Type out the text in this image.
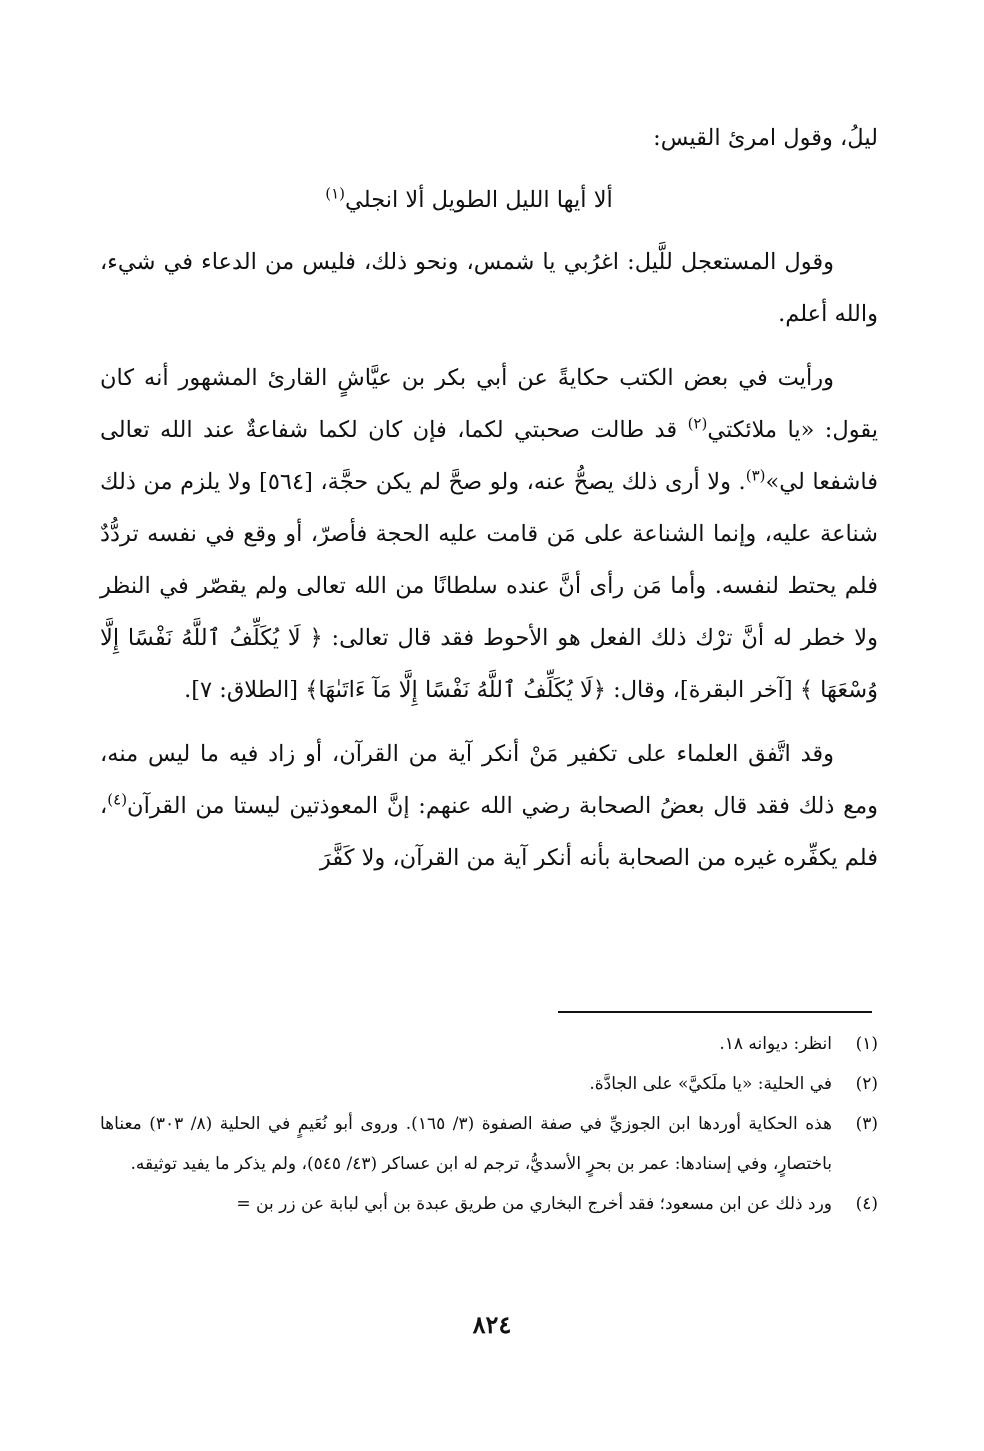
ليلُ، وقول امرئ القيس:

ألا أيها الليل الطويل ألا انجلي$^{(١)}$

وقول المستعجل للَّيل: اغرُبي يا شمس، ونحو ذلك، فليس من الدعاء في شيء، والله أعلم.

ورأيت في بعض الكتب حكايةً عن أبي بكر بن عيَّاشٍ القارئ المشهور أنه كان يقول: «يا ملائكتي$^{(٢)}$ قد طالت صحبتي لكما، فإن كان لكما شفاعةٌ عند الله تعالى فاشفعا لي»$^{(٣)}$. ولا أرى ذلك يصحُّ عنه، ولو صحَّ لم يكن حجَّة، [٥٦٤] ولا يلزم من ذلك شناعة عليه، وإنما الشناعة على مَن قامت عليه الحجة فأصرّ، أو وقع في نفسه تردُّدٌ فلم يحتط لنفسه. وأما مَن رأى أنَّ عنده سلطانًا من الله تعالى ولم يقصّر في النظر ولا خطر له أنَّ ترْك ذلك الفعل هو الأحوط فقد قال تعالى: ﴿ لَا يُكَلِّفُ ٱللَّهُ نَفْسًا إِلَّا وُسْعَهَا ﴾ [آخر البقرة]، وقال: ﴿لَا يُكَلِّفُ ٱللَّهُ نَفْسًا إِلَّا مَآ ءَاتَىٰهَا﴾ [الطلاق: ٧].

وقد اتَّفق العلماء على تكفير مَنْ أنكر آية من القرآن، أو زاد فيه ما ليس منه، ومع ذلك فقد قال بعضُ الصحابة رضي الله عنهم: إنَّ المعوذتين ليستا من القرآن$^{(٤)}$، فلم يكفِّره غيره من الصحابة بأنه أنكر آية من القرآن، ولا كَفَّرَ

(١)
انظر: ديوانه ١٨.
(٢)
في الحلية: «يا ملَكيَّ» على الجادَّة.
(٣)
هذه الحكاية أوردها ابن الجوزيِّ في صفة الصفوة (٣/ ١٦٥). وروى أبو نُعَيمٍ في الحلية (٨/ ٣٠٣) معناها باختصارٍ، وفي إسنادها: عمر بن بحرٍ الأسديُّ، ترجم له ابن عساكر (٤٣/ ٥٤٥)، ولم يذكر ما يفيد توثيقه.
(٤)
ورد ذلك عن ابن مسعود؛ فقد أخرج البخاري من طريق عبدة بن أبي لبابة عن زر بن =
٨٢٤
